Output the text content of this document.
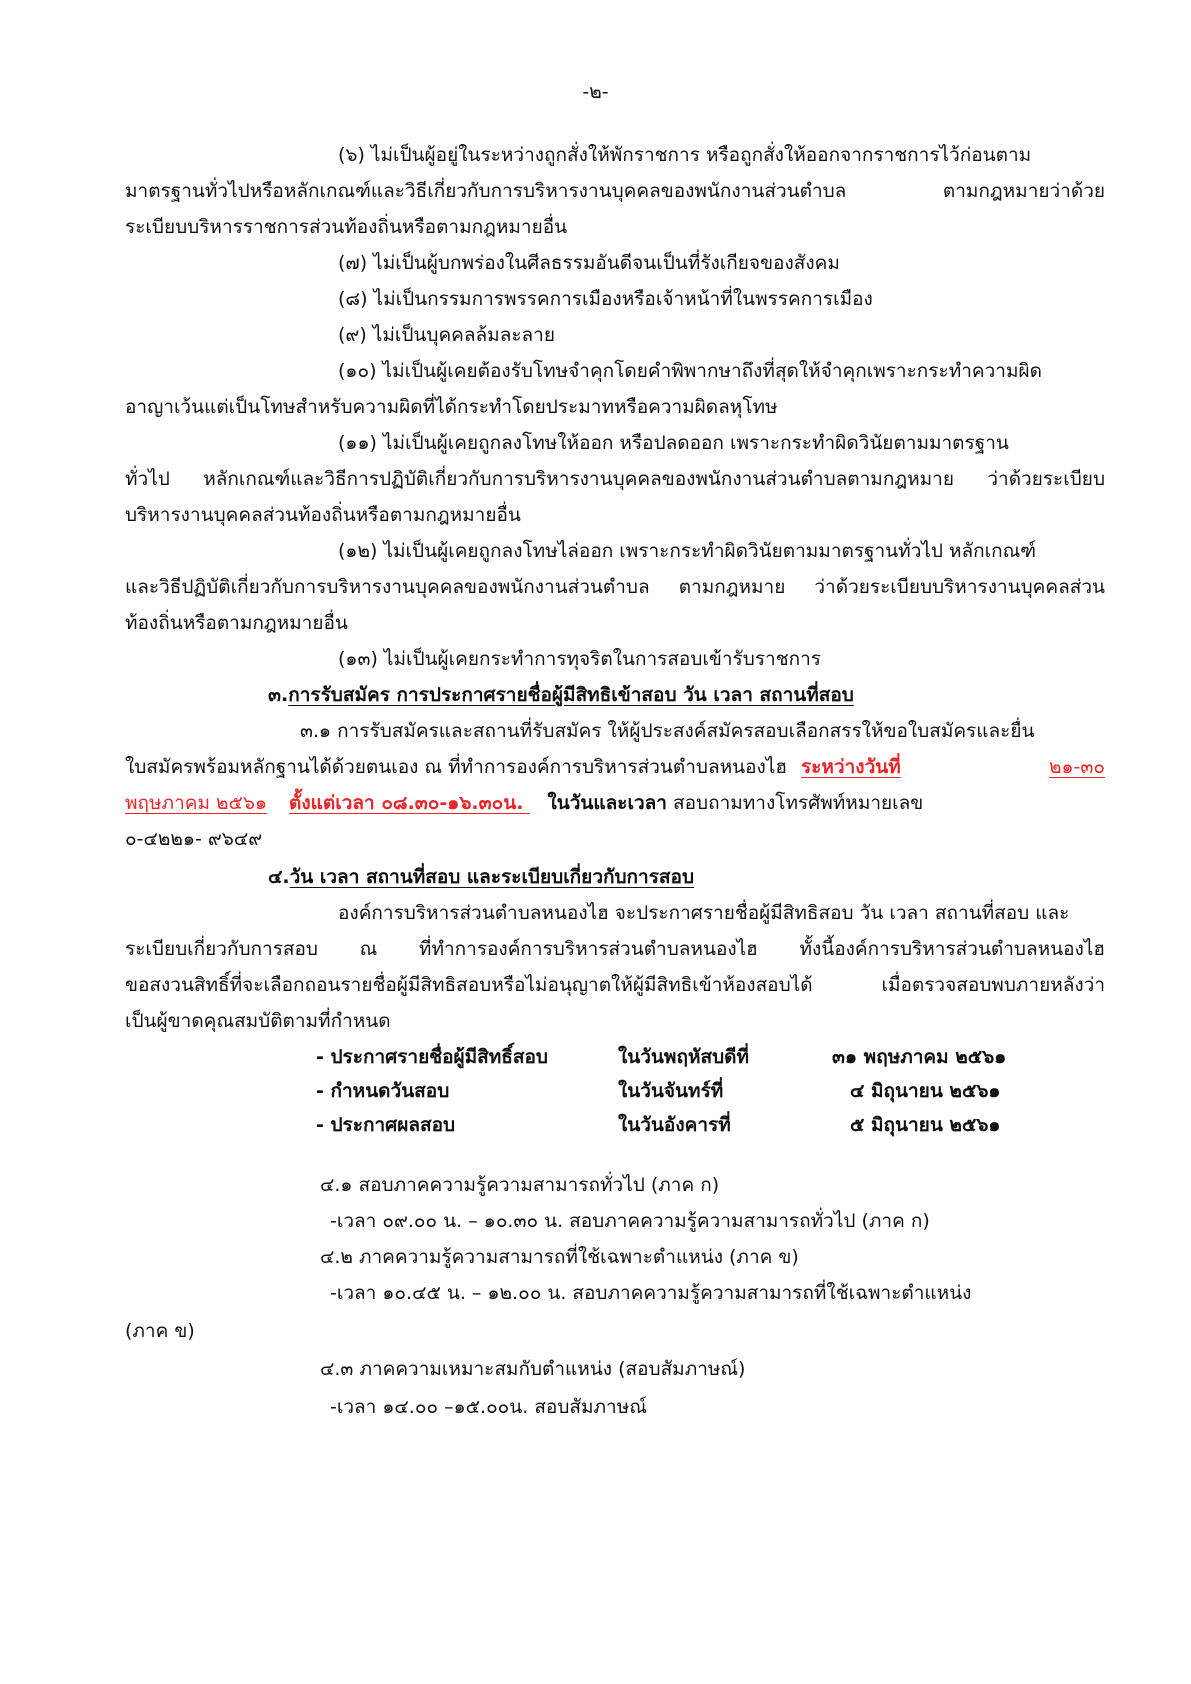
-๒-
(๖) ไม่เป็นผู้อยู่ในระหว่างถูกสั่งให้พักราชการ หรือถูกสั่งให้ออกจากราชการไว้ก่อนตาม
มาตรฐานทั่วไปหรือหลักเกณฑ์และวิธีเกี่ยวกับการบริหารงานบุคคลของพนักงานส่วนตำบล ตามกฎหมายว่าด้วย
ระเบียบบริหารราชการส่วนท้องถิ่นหรือตามกฎหมายอื่น
(๗) ไม่เป็นผู้บกพร่องในศีลธรรมอันดีจนเป็นที่รังเกียจของสังคม
(๘) ไม่เป็นกรรมการพรรคการเมืองหรือเจ้าหน้าที่ในพรรคการเมือง
(๙) ไม่เป็นบุคคลล้มละลาย
(๑๐) ไม่เป็นผู้เคยต้องรับโทษจำคุกโดยคำพิพากษาถึงที่สุดให้จำคุกเพราะกระทำความผิด
อาญาเว้นแต่เป็นโทษสำหรับความผิดที่ได้กระทำโดยประมาทหรือความผิดลหุโทษ
(๑๑) ไม่เป็นผู้เคยถูกลงโทษให้ออก หรือปลดออก เพราะกระทำผิดวินัยตามมาตรฐาน
ทั่วไป หลักเกณฑ์และวิธีการปฏิบัติเกี่ยวกับการบริหารงานบุคคลของพนักงานส่วนตำบลตามกฎหมาย ว่าด้วยระเบียบ
บริหารงานบุคคลส่วนท้องถิ่นหรือตามกฎหมายอื่น
(๑๒) ไม่เป็นผู้เคยถูกลงโทษไล่ออก เพราะกระทำผิดวินัยตามมาตรฐานทั่วไป หลักเกณฑ์
และวิธีปฏิบัติเกี่ยวกับการบริหารงานบุคคลของพนักงานส่วนตำบล ตามกฎหมาย ว่าด้วยระเบียบบริหารงานบุคคลส่วน
ท้องถิ่นหรือตามกฎหมายอื่น
(๑๓) ไม่เป็นผู้เคยกระทำการทุจริตในการสอบเข้ารับราชการ
๓.การรับสมัคร การประกาศรายชื่อผู้มีสิทธิเข้าสอบ วัน เวลา สถานที่สอบ
๓.๑ การรับสมัครและสถานที่รับสมัคร ให้ผู้ประสงค์สมัครสอบเลือกสรรให้ขอใบสมัครและยื่น
ใบสมัครพร้อมหลักฐานได้ด้วยตนเอง ณ ที่ทำการองค์การบริหารส่วนตำบลหนองไฮ ระหว่างวันที่	๒๑-๓๐
พฤษภาคม ๒๕๖๑ ตั้งแต่เวลา ๐๘.๓๐-๑๖.๓๐น. ในวันและเวลา สอบถามทางโทรศัพท์หมายเลข
๐-๔๒๒๑- ๙๖๔๙
๔.วัน เวลา สถานที่สอบ และระเบียบเกี่ยวกับการสอบ
องค์การบริหารส่วนตำบลหนองไฮ จะประกาศรายชื่อผู้มีสิทธิสอบ วัน เวลา สถานที่สอบ และ
ระเบียบเกี่ยวกับการสอบ ณ ที่ทำการองค์การบริหารส่วนตำบลหนองไฮ ทั้งนี้องค์การบริหารส่วนตำบลหนองไฮ
ขอสงวนสิทธิ์ที่จะเลือกถอนรายชื่อผู้มีสิทธิสอบหรือไม่อนุญาตให้ผู้มีสิทธิเข้าห้องสอบได้ เมื่อตรวจสอบพบภายหลังว่า
เป็นผู้ขาดคุณสมบัติตามที่กำหนด
- ประกาศรายชื่อผู้มีสิทธิ์สอบ	ในวันพฤหัสบดีที่	๓๑ พฤษภาคม ๒๕๖๑
- กำหนดวันสอบ	ในวันจันทร์ที่	๔ มิถุนายน ๒๕๖๑
- ประกาศผลสอบ	ในวันอังคารที่	๕ มิถุนายน ๒๕๖๑
๔.๑ สอบภาคความรู้ความสามารถทั่วไป (ภาค ก)
-เวลา ๐๙.๐๐ น. – ๑๐.๓๐ น. สอบภาคความรู้ความสามารถทั่วไป (ภาค ก)
๔.๒ ภาคความรู้ความสามารถที่ใช้เฉพาะตำแหน่ง (ภาค ข)
-เวลา ๑๐.๔๕ น. – ๑๒.๐๐ น. สอบภาคความรู้ความสามารถที่ใช้เฉพาะตำแหน่ง
(ภาค ข)
๔.๓ ภาคความเหมาะสมกับตำแหน่ง (สอบสัมภาษณ์)
-เวลา ๑๔.๐๐ –๑๕.๐๐น. สอบสัมภาษณ์
